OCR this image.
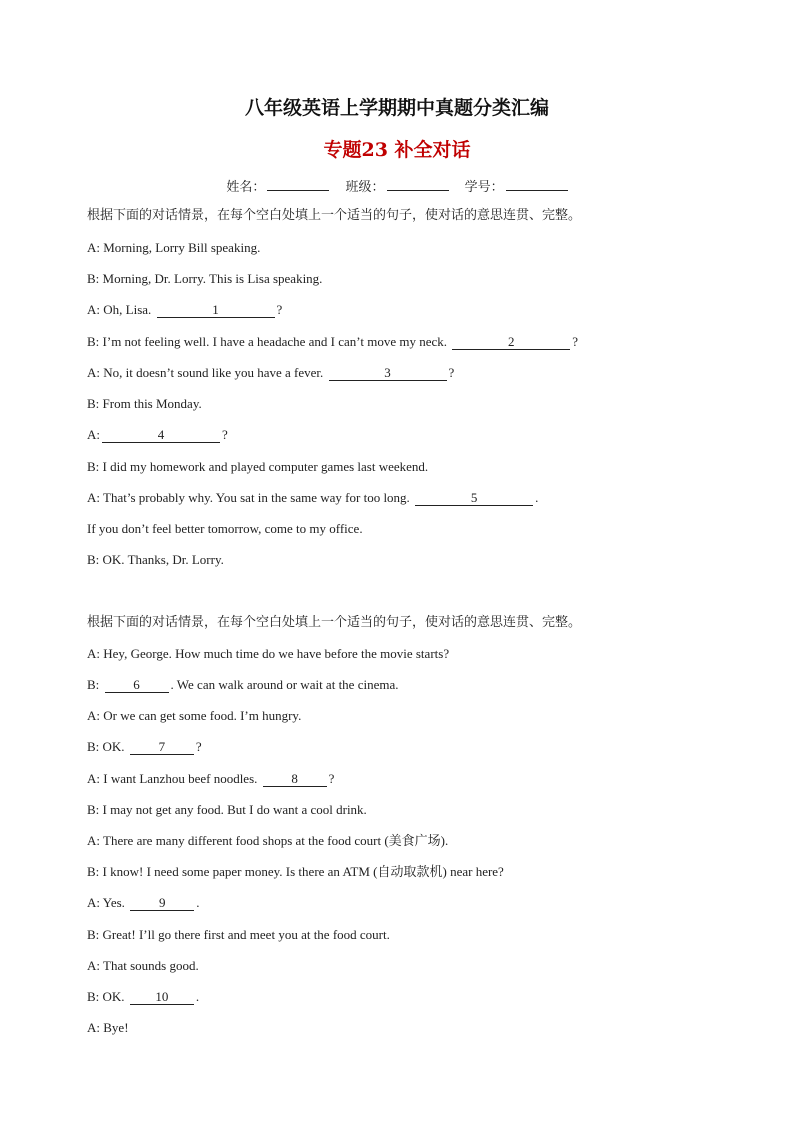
八年级英语上学期期中真题分类汇编
专题23 补全对话
姓名：	班级：	学号：
根据下面的对话情景，在每个空白处填上一个适当的句子，使对话的意思连贯、完整。
A: Morning, Lorry Bill speaking.
B: Morning, Dr. Lorry. This is Lisa speaking.
A: Oh, Lisa.	1	?
B: I’m not feeling well. I have a headache and I can’t move my neck.	2	?
A: No, it doesn’t sound like you have a fever.	3	?
B: From this Monday.
A:	4	?
B: I did my homework and played computer games last weekend.
A: That’s probably why. You sat in the same way for too long.	5	.
If you don’t feel better tomorrow, come to my office.
B: OK. Thanks, Dr. Lorry.
根据下面的对话情景，在每个空白处填上一个适当的句子，使对话的意思连贯、完整。
A: Hey, George. How much time do we have before the movie starts?
B: 6 . We can walk around or wait at the cinema.
A: Or we can get some food. I’m hungry.
B: OK. 7 ?
A: I want Lanzhou beef noodles. 8 ?
B: I may not get any food. But I do want a cool drink.
A: There are many different food shops at the food court (美食广场).
B: I know! I need some paper money. Is there an ATM (自动取款机) near here?
A: Yes. 9 .
B: Great! I’ll go there first and meet you at the food court.
A: That sounds good.
B: OK. 10 .
A: Bye!
